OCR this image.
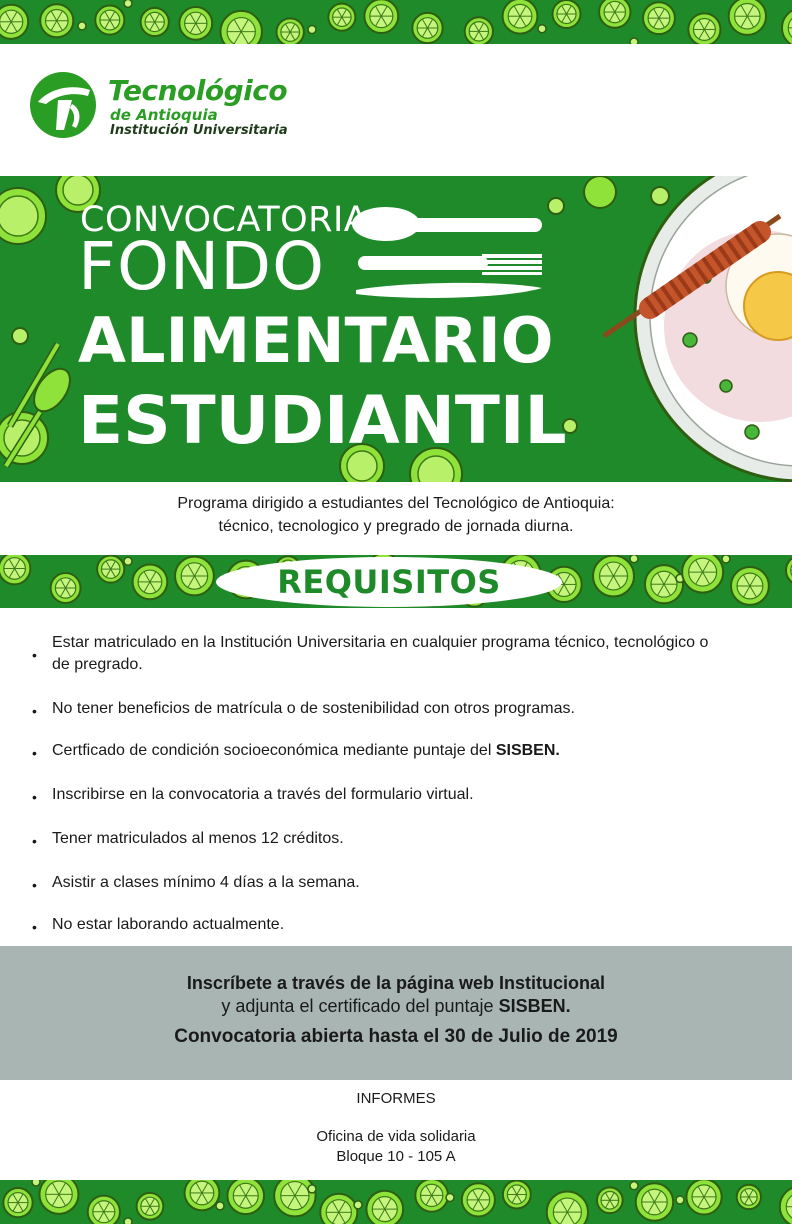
Tecnológico
de Antioquia
Institución Universitaria
CONVOCATORIA
FONDO
ALIMENTARIO
ESTUDIANTIL
Programa dirigido a estudiantes del Tecnológico de Antioquia:
técnico, tecnologico y pregrado de jornada diurna.
REQUISITOS
•
Estar matriculado en la Institución Universitaria en cualquier programa técnico, tecnológico o de pregrado.
• No tener beneficios de matrícula o de sostenibilidad con otros programas.
• Certficado de condición socioeconómica mediante puntaje del SISBEN.
• Inscribirse en la convocatoria a través del formulario virtual.
• Tener matriculados al menos 12 créditos.
• Asistir a clases mínimo 4 días a la semana.
• No estar laborando actualmente.
Inscríbete a través de la página web Institucional
y adjunta el certificado del puntaje SISBEN.
Convocatoria abierta hasta el 30 de Julio de 2019
INFORMES
Oficina de vida solidaria
Bloque 10 - 105 A
